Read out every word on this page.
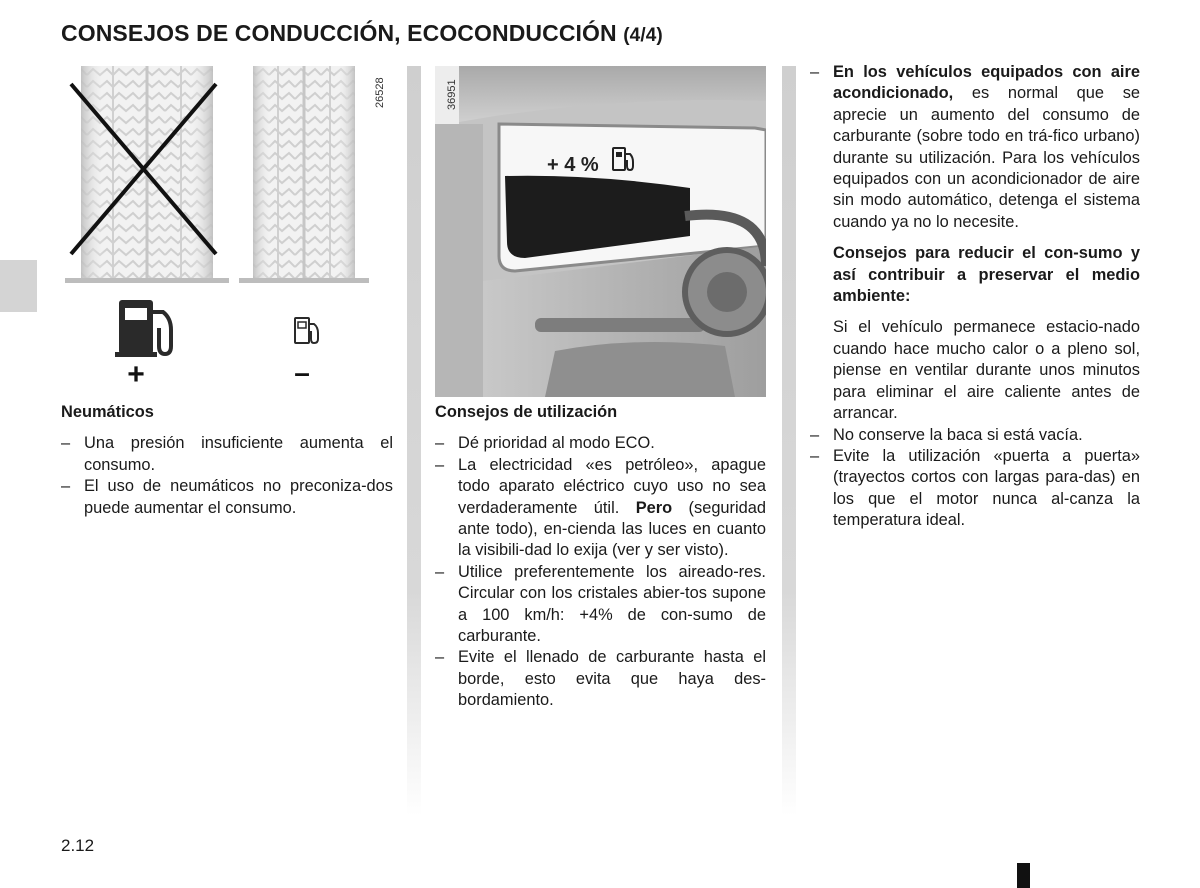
CONSEJOS DE CONDUCCIÓN, ECOCONDUCCIÓN (4/4)
26528
+	–
36951
+ 4 %
Neumáticos
– Una presión insuficiente aumenta el consumo.
– El uso de neumáticos no preconiza-dos puede aumentar el consumo.
Consejos de utilización
– Dé prioridad al modo ECO.
– La electricidad «es petróleo», apague todo aparato eléctrico cuyo uso no sea verdaderamente útil. Pero (seguridad ante todo), en-cienda las luces en cuanto la visibili-dad lo exija (ver y ser visto).
– Utilice preferentemente los aireado-res. Circular con los cristales abier-tos supone a 100 km/h: +4% de con-sumo de carburante.
– Evite el llenado de carburante hasta el borde, esto evita que haya des-bordamiento.
– En los vehículos equipados con aire acondicionado, es normal que se aprecie un aumento del consumo de carburante (sobre todo en trá-fico urbano) durante su utilización. Para los vehículos equipados con un acondicionador de aire sin modo automático, detenga el sistema cuando ya no lo necesite.
Consejos para reducir el con-sumo y así contribuir a preservar el medio ambiente:
Si el vehículo permanece estacio-nado cuando hace mucho calor o a pleno sol, piense en ventilar durante unos minutos para eliminar el aire caliente antes de arrancar.
– No conserve la baca si está vacía.
– Evite la utilización «puerta a puerta» (trayectos cortos con largas para-das) en los que el motor nunca al-canza la temperatura ideal.
2.12
